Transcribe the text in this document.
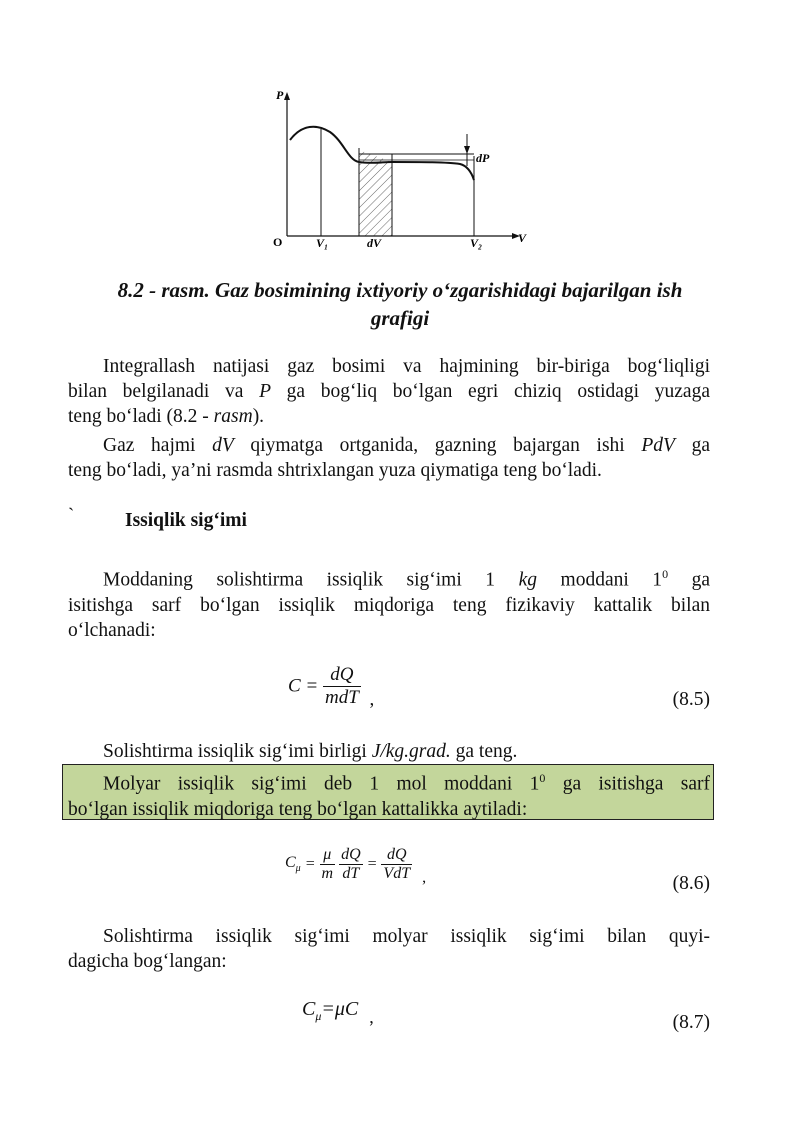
P
V
O	V₁	dV	V₂
dP
8.2 - rasm. Gaz bosimining ixtiyoriy o‘zgarishidagi bajarilgan ish
grafigi
Integrallash natijasi gaz bosimi va hajmining bir-biriga bog‘liqligi
bilan belgilanadi va P ga bog‘liq bo‘lgan egri chiziq ostidagi yuzaga
teng bo‘ladi (8.2 - rasm).
Gaz hajmi dV qiymatga ortganida, gazning bajargan ishi PdV ga
teng bo‘ladi, ya’ni rasmda shtrixlangan yuza qiymatiga teng bo‘ladi.
`	Issiqlik sig‘imi
Moddaning solishtirma issiqlik sig‘imi 1 kg moddani $1^0$ ga
isitishga sarf bo‘lgan issiqlik miqdoriga teng fizikaviy kattalik bilan
o‘lchanadi:
$C = \frac{dQ}{\text{mdT}}$ ,	(8.5)
Solishtirma issiqlik sig‘imi birligi J/kg.grad. ga teng.
Molyar issiqlik sig‘imi deb 1 mol moddani $1^0$ ga isitishga sarf
bo‘lgan issiqlik miqdoriga teng bo‘lgan kattalikka aytiladi:
$C_\mu = \frac{\mu}{m}$
$\frac{dQ}{dT} = \frac{dQ}{\text{VdT}}$ ,	(8.6)
Solishtirma issiqlik sig‘imi molyar issiqlik sig‘imi bilan quyi-
dagicha bog‘langan:
$C_\mu=\mu C$ ,	(8.7)
